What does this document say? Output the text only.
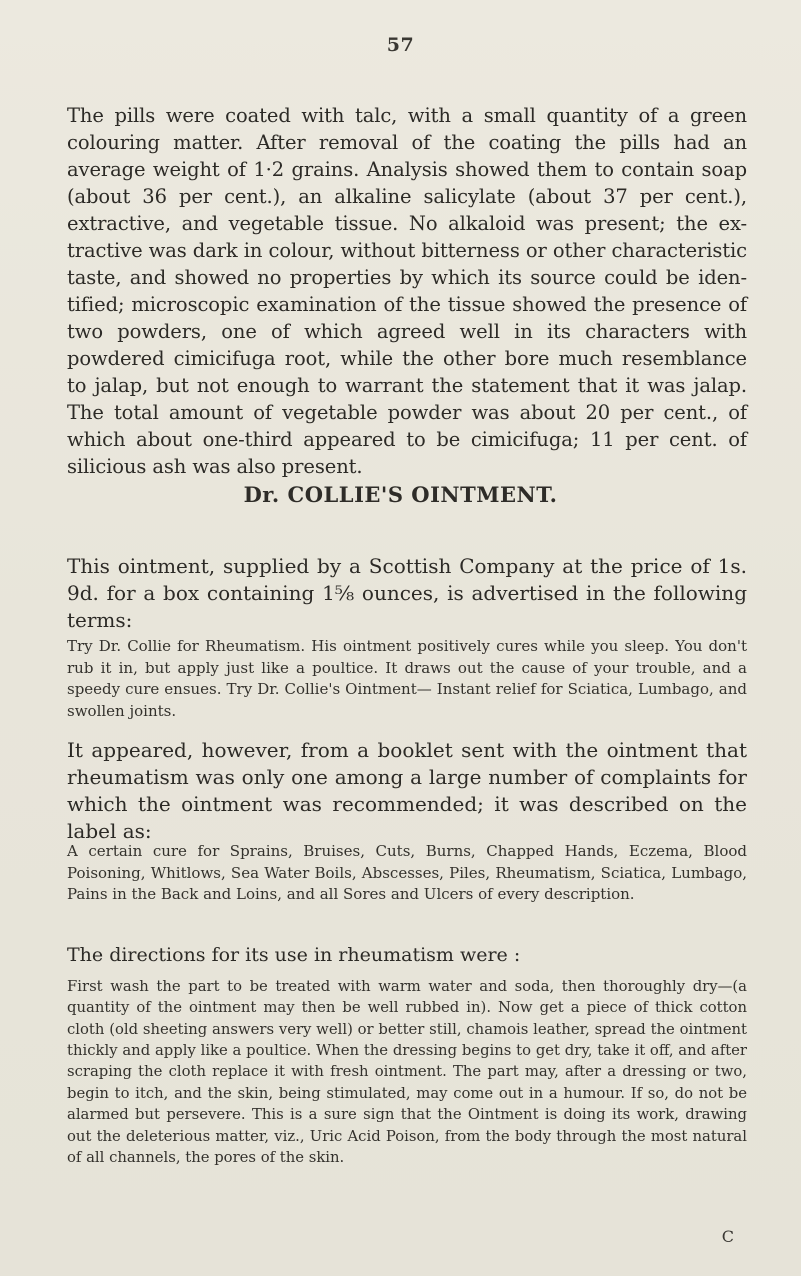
57

The pills were coated with talc, with a small quantity of a green colouring matter. After removal of the coating the pills had an average weight of 1·2 grains. Analysis showed them to contain soap (about 36 per cent.), an alkaline salicylate (about 37 per cent.), extractive, and vegetable tissue. No alkaloid was present; the ex-tractive was dark in colour, without bitterness or other characteristic taste, and showed no properties by which its source could be iden-tified; microscopic examination of the tissue showed the presence of two powders, one of which agreed well in its characters with powdered cimicifuga root, while the other bore much resemblance to jalap, but not enough to warrant the statement that it was jalap. The total amount of vegetable powder was about 20 per cent., of which about one-third appeared to be cimicifuga; 11 per cent. of silicious ash was also present.

Dr. COLLIE'S OINTMENT.

This ointment, supplied by a Scottish Company at the price of 1s. 9d. for a box containing 1⅝ ounces, is advertised in the following terms:

Try Dr. Collie for Rheumatism. His ointment positively cures while you sleep. You don't rub it in, but apply just like a poultice. It draws out the cause of your trouble, and a speedy cure ensues. Try Dr. Collie's Ointment— Instant relief for Sciatica, Lumbago, and swollen joints.

It appeared, however, from a booklet sent with the ointment that rheumatism was only one among a large number of complaints for which the ointment was recommended; it was described on the label as:

A certain cure for Sprains, Bruises, Cuts, Burns, Chapped Hands, Eczema, Blood Poisoning, Whitlows, Sea Water Boils, Abscesses, Piles, Rheumatism, Sciatica, Lumbago, Pains in the Back and Loins, and all Sores and Ulcers of every description.

The directions for its use in rheumatism were :

First wash the part to be treated with warm water and soda, then thoroughly dry—(a quantity of the ointment may then be well rubbed in). Now get a piece of thick cotton cloth (old sheeting answers very well) or better still, chamois leather, spread the ointment thickly and apply like a poultice. When the dressing begins to get dry, take it off, and after scraping the cloth replace it with fresh ointment. The part may, after a dressing or two, begin to itch, and the skin, being stimulated, may come out in a humour. If so, do not be alarmed but persevere. This is a sure sign that the Ointment is doing its work, drawing out the deleterious matter, viz., Uric Acid Poison, from the body through the most natural of all channels, the pores of the skin.

C
